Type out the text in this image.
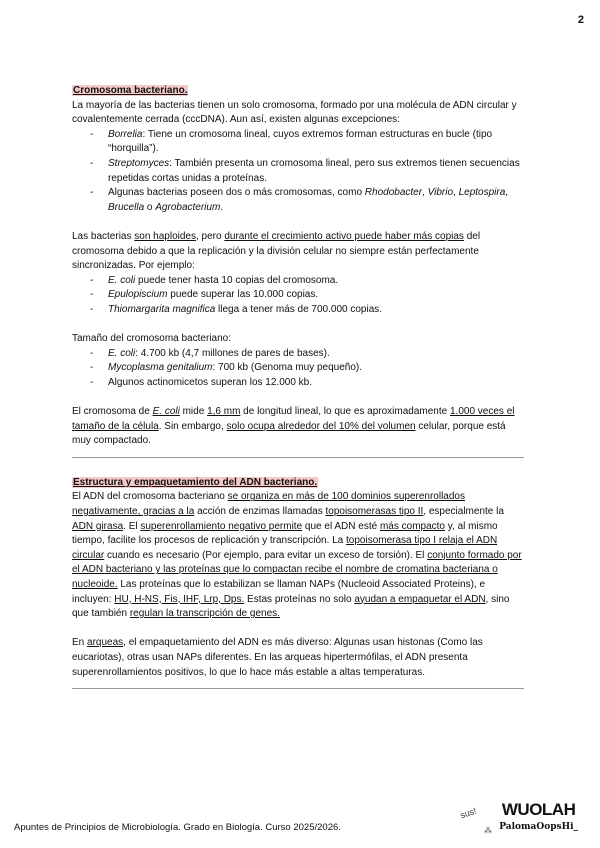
2
Cromosoma bacteriano.

La mayoría de las bacterias tienen un solo cromosoma, formado por una molécula de ADN circular y covalentemente cerrada (cccDNA). Aun así, existen algunas excepciones:

- Borrelia: Tiene un cromosoma lineal, cuyos extremos forman estructuras en bucle (tipo “horquilla”).
- Streptomyces: También presenta un cromosoma lineal, pero sus extremos tienen secuencias repetidas cortas unidas a proteínas.
- Algunas bacterias poseen dos o más cromosomas, como Rhodobacter, Vibrio, Leptospira, Brucella o Agrobacterium.

Las bacterias son haploides, pero durante el crecimiento activo puede haber más copias del cromosoma debido a que la replicación y la división celular no siempre están perfectamente sincronizadas. Por ejemplo:

- E. coli puede tener hasta 10 copias del cromosoma.
- Epulopiscium puede superar las 10.000 copias.
- Thiomargarita magnifica llega a tener más de 700.000 copias.

Tamaño del cromosoma bacteriano:

- E. coli: 4.700 kb (4,7 millones de pares de bases).
- Mycoplasma genitalium: 700 kb (Genoma muy pequeño).
- Algunos actinomicetos superan los 12.000 kb.

El cromosoma de E. coli mide 1,6 mm de longitud lineal, lo que es aproximadamente 1.000 veces el tamaño de la célula. Sin embargo, solo ocupa alrededor del 10% del volumen celular, porque está muy compactado.

Estructura y empaquetamiento del ADN bacteriano.

El ADN del cromosoma bacteriano se organiza en más de 100 dominios superenrollados negativamente, gracias a la acción de enzimas llamadas topoisomerasas tipo II, especialmente la ADN girasa. El superenrollamiento negativo permite que el ADN esté más compacto y, al mismo tiempo, facilite los procesos de replicación y transcripción. La topoisomerasa tipo I relaja el ADN circular cuando es necesario (Por ejemplo, para evitar un exceso de torsión). El conjunto formado por el ADN bacteriano y las proteínas que lo compactan recibe el nombre de cromatina bacteriana o nucleoide. Las proteínas que lo estabilizan se llaman NAPs (Nucleoid Associated Proteins), e incluyen: HU, H-NS, Fis, IHF, Lrp, Dps. Estas proteínas no solo ayudan a empaquetar el ADN, sino que también regulan la transcripción de genes.

En arqueas, el empaquetamiento del ADN es más diverso: Algunas usan histonas (Como las eucariotas), otras usan NAPs diferentes. En las arqueas hipertermófilas, el ADN presenta superenrollamientos positivos, lo que lo hace más estable a altas temperaturas.

sus!
⁂
Apuntes de Principios de Microbiología. Grado en Biología. Curso 2025/2026.
WUOLAH
PalomaOopsHi_
